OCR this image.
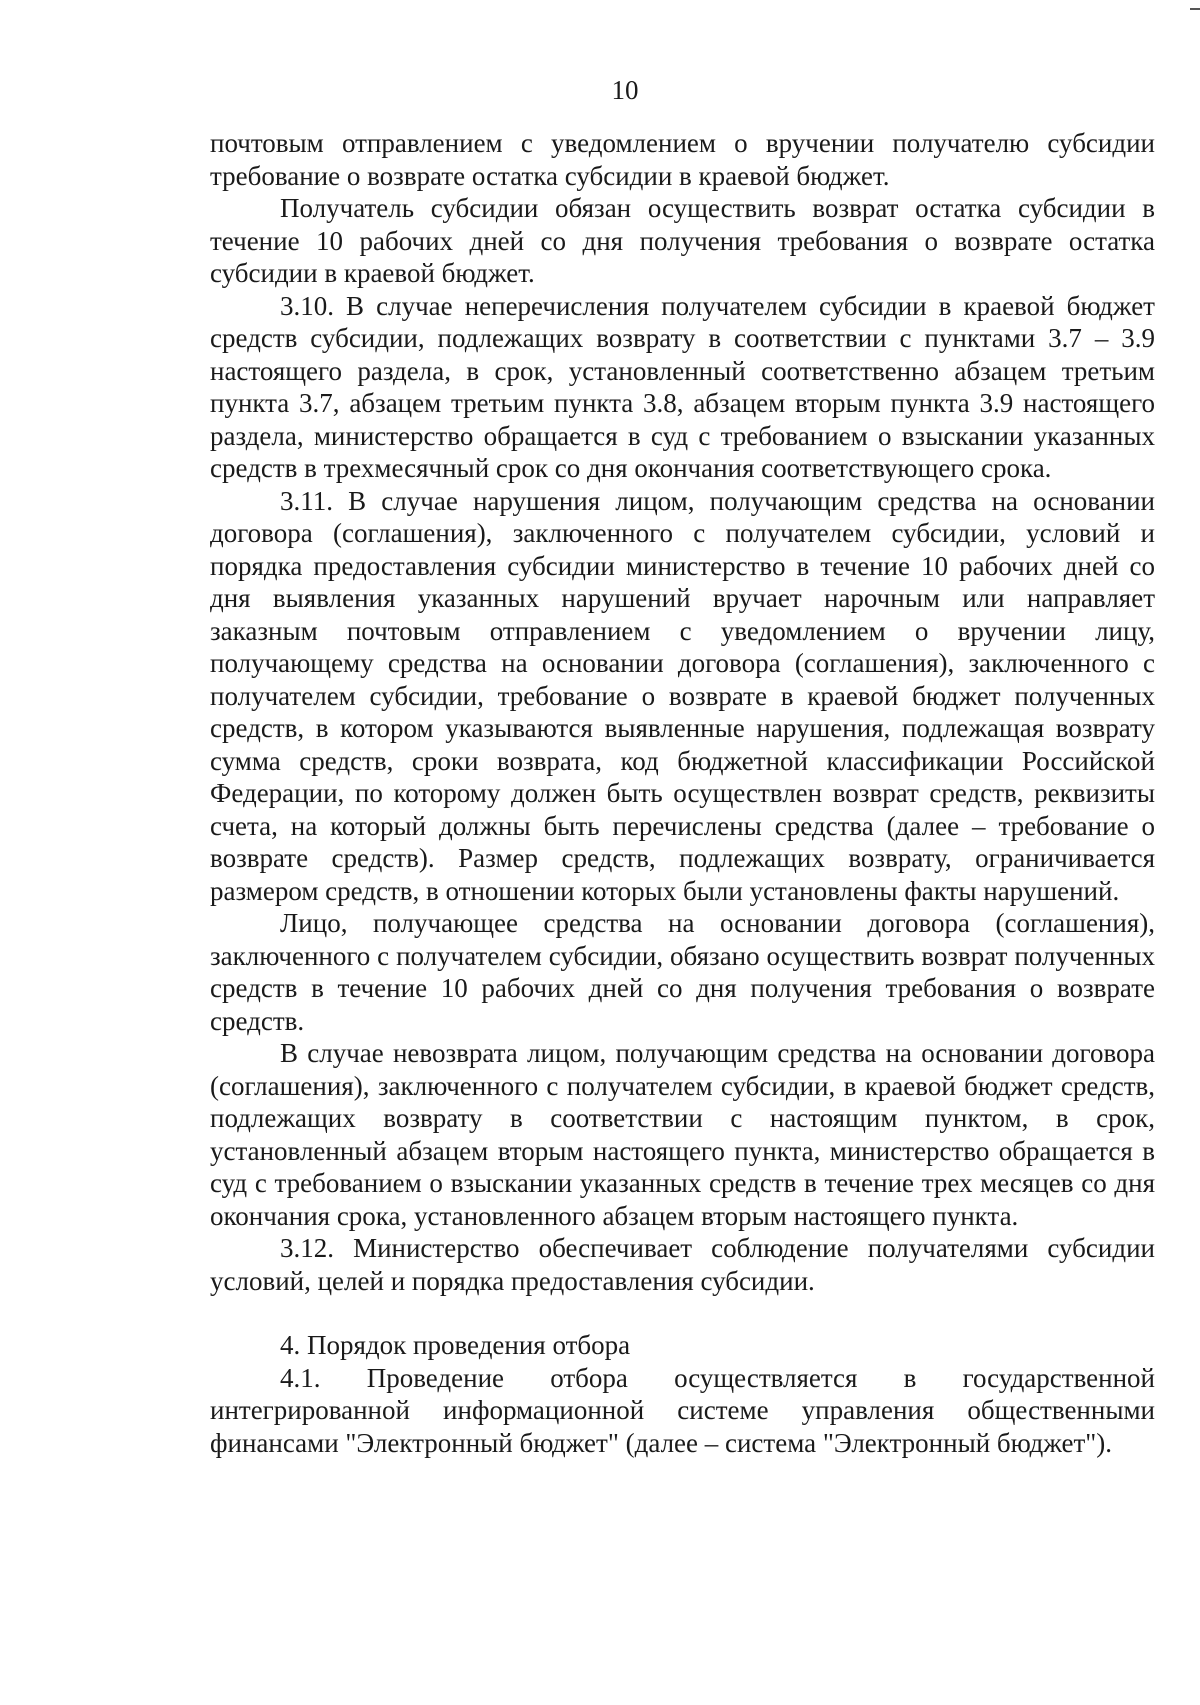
10

почтовым отправлением с уведомлением о вручении получателю субсидии требование о возврате остатка субсидии в краевой бюджет.

Получатель субсидии обязан осуществить возврат остатка субсидии в течение 10 рабочих дней со дня получения требования о возврате остатка субсидии в краевой бюджет.

3.10. В случае неперечисления получателем субсидии в краевой бюджет средств субсидии, подлежащих возврату в соответствии с пунктами 3.7 – 3.9 настоящего раздела, в срок, установленный соответственно абзацем третьим пункта 3.7, абзацем третьим пункта 3.8, абзацем вторым пункта 3.9 настоящего раздела, министерство обращается в суд с требованием о взыскании указанных средств в трехмесячный срок со дня окончания соответствующего срока.

3.11. В случае нарушения лицом, получающим средства на основании договора (соглашения), заключенного с получателем субсидии, условий и порядка предоставления субсидии министерство в течение 10 рабочих дней со дня выявления указанных нарушений вручает нарочным или направляет заказным почтовым отправлением с уведомлением о вручении лицу, получающему средства на основании договора (соглашения), заключенного с получателем субсидии, требование о возврате в краевой бюджет полученных средств, в котором указываются выявленные нарушения, подлежащая возврату сумма средств, сроки возврата, код бюджетной классификации Российской Федерации, по которому должен быть осуществлен возврат средств, реквизиты счета, на который должны быть перечислены средства (далее – требование о возврате средств). Размер средств, подлежащих возврату, ограничивается размером средств, в отношении которых были установлены факты нарушений.

Лицо, получающее средства на основании договора (соглашения), заключенного с получателем субсидии, обязано осуществить возврат полученных средств в течение 10 рабочих дней со дня получения требования о возврате средств.

В случае невозврата лицом, получающим средства на основании договора (соглашения), заключенного с получателем субсидии, в краевой бюджет средств, подлежащих возврату в соответствии с настоящим пунктом, в срок, установленный абзацем вторым настоящего пункта, министерство обращается в суд с требованием о взыскании указанных средств в течение трех месяцев со дня окончания срока, установленного абзацем вторым настоящего пункта.

3.12. Министерство обеспечивает соблюдение получателями субсидии условий, целей и порядка предоставления субсидии.

4. Порядок проведения отбора

4.1. Проведение отбора осуществляется в государственной интегрированной информационной системе управления общественными финансами "Электронный бюджет" (далее – система "Электронный бюджет").
